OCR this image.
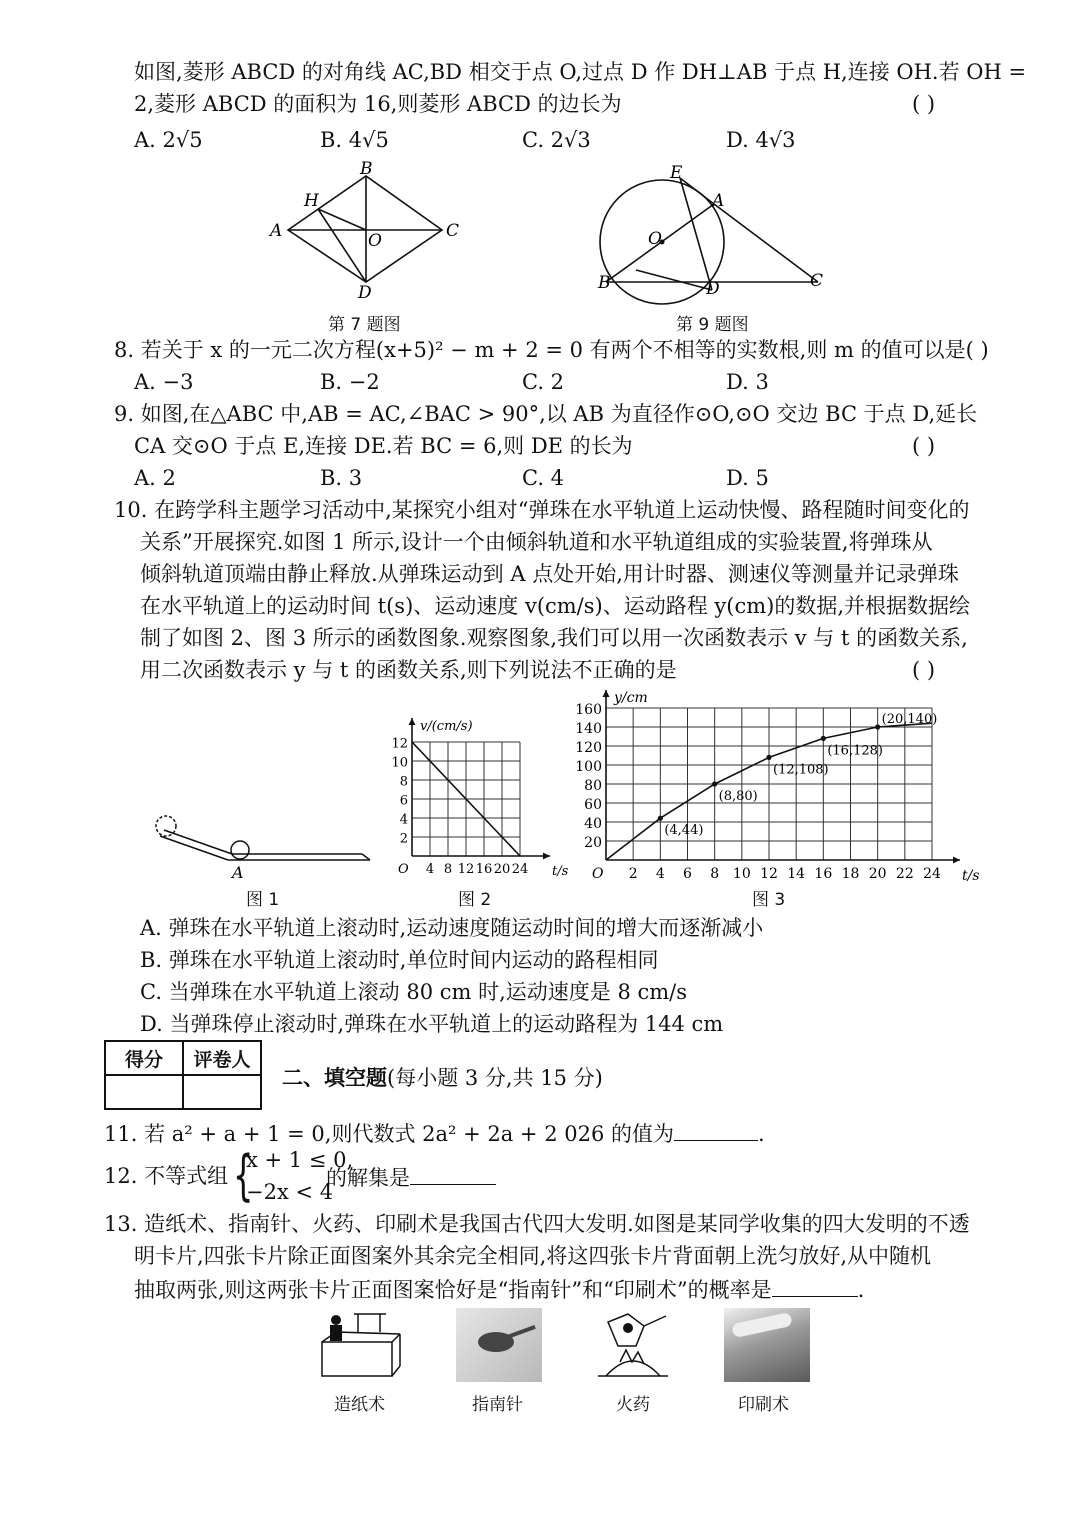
如图,菱形 ABCD 的对角线 AC,BD 相交于点 O,过点 D 作 DH⊥AB 于点 H,连接 OH.若 OH =
2,菱形 ABCD 的面积为 16,则菱形 ABCD 的边长为	( )
A. 2√5	B. 4√5	C. 2√3	D. 4√3
A
B
C
D
H
O
第 7 题图
E
A
O
B	D	C
第 9 题图
8. 若关于 x 的一元二次方程(x+5)² − m + 2 = 0 有两个不相等的实数根,则 m 的值可以是( )
A. −3	B. −2	C. 2	D. 3
9. 如图,在△ABC 中,AB = AC,∠BAC > 90°,以 AB 为直径作⊙O,⊙O 交边 BC 于点 D,延长
CA 交⊙O 于点 E,连接 DE.若 BC = 6,则 DE 的长为	( )
A. 2	B. 3	C. 4	D. 5
10. 在跨学科主题学习活动中,某探究小组对“弹珠在水平轨道上运动快慢、路程随时间变化的
关系”开展探究.如图 1 所示,设计一个由倾斜轨道和水平轨道组成的实验装置,将弹珠从
倾斜轨道顶端由静止释放.从弹珠运动到 A 点处开始,用计时器、测速仪等测量并记录弹珠
在水平轨道上的运动时间 t(s)、运动速度 v(cm/s)、运动路程 y(cm)的数据,并根据数据绘
制了如图 2、图 3 所示的函数图象.观察图象,我们可以用一次函数表示 v 与 t 的函数关系,
用二次函数表示 y 与 t 的函数关系,则下列说法不正确的是	( )
A
图 1
O 4 8 12 16 20 24
2
4
6
8
10
12
t/s
v/(cm/s)
图 2
O 2 4 6 8 10 12 14 16 18 20 22 24
20
40
60
80
100
120
140
160
t/s
y/cm
(4,44)
(8,80)
(12,108)
(16,128)
(20,140)
图 3
A. 弹珠在水平轨道上滚动时,运动速度随运动时间的增大而逐渐减小
B. 弹珠在水平轨道上滚动时,单位时间内运动的路程相同
C. 当弹珠在水平轨道上滚动 80 cm 时,运动速度是 8 cm/s
D. 当弹珠停止滚动时,弹珠在水平轨道上的运动路程为 144 cm
得分	评卷人

二、填空题(每小题 3 分,共 15 分)
11. 若 a² + a + 1 = 0,则代数式 2a² + 2a + 2 026 的值为	.
12. 不等式组 {
x + 1 ≤ 0,
−2x < 4
的解集是
13. 造纸术、指南针、火药、印刷术是我国古代四大发明.如图是某同学收集的四大发明的不透
明卡片,四张卡片除正面图案外其余完全相同,将这四张卡片背面朝上洗匀放好,从中随机
抽取两张,则这两张卡片正面图案恰好是“指南针”和“印刷术”的概率是	.
造纸术	指南针	火药	印刷术
